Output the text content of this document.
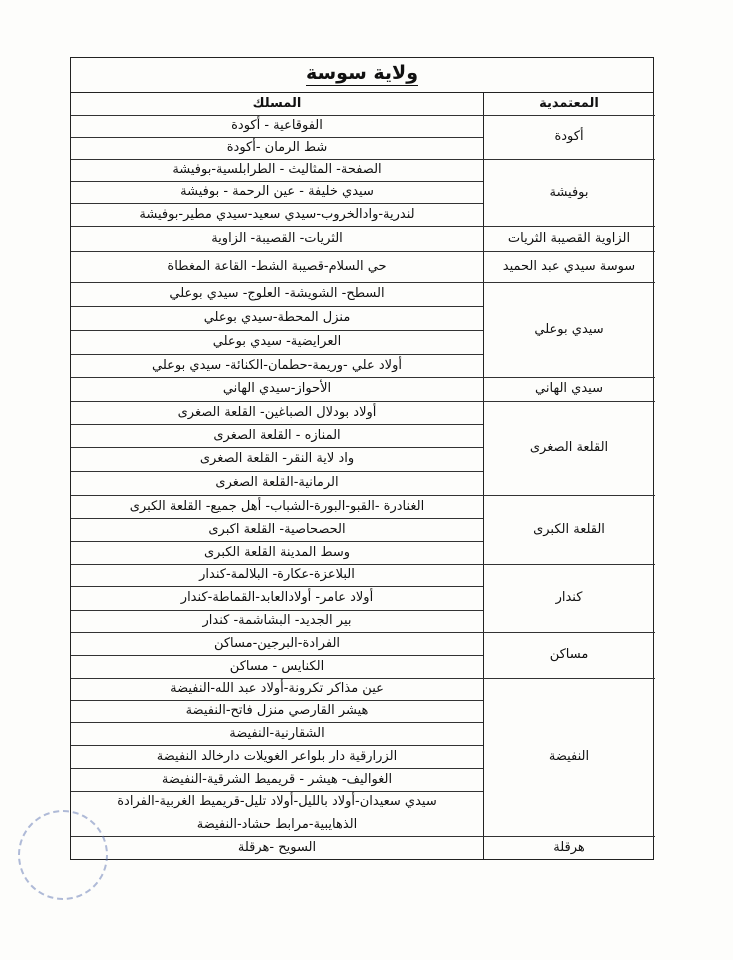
ولاية سوسة
المعتمدية
المسلك
الفوقاعية - أكودة
شط الرمان -أكودة
الصفحة- المثاليث - الطرابلسية-بوفيشة
سيدي خليفة - عين الرحمة - بوفيشة
لندرية-وادالخروب-سيدي سعيد-سيدي مطير-بوفيشة
الثريات- القصيبة- الزاوية
حي السلام-قصيبة الشط- القاعة المغطاة
السطح- الشويشة- العلوج- سيدي بوعلي
منزل المحطة-سيدي بوعلي
العرايضية- سيدي بوعلي
أولاد علي -وريمة-حطمان-الكنائة- سيدي بوعلي
الأحواز-سيدي الهاني
أولاد بودلال الصباغين- القلعة الصغرى
المنازه - القلعة الصغرى
واد لاية النقر- القلعة الصغرى
الرمانية-القلعة الصغرى
الغنادرة -القبو-البورة-الشباب- أهل جميع- القلعة الكبرى
الحصحاصية- القلعة اكبرى
وسط المدينة القلعة الكبرى
البلاعزة-عكارة- البلالمة-كندار
أولاد عامر- أولادالعابد-القماطة-كندار
بير الجديد- البشاشمة- كندار
الفرادة-البرجين-مساكن
الكنايس - مساكن
عين مذاكر تكرونة-أولاد عبد الله-النفيضة
هيشر القارصي منزل فاتح-النفيضة
الشقارنية-النفيضة
الزرارقية دار بلواعر الغويلات دارخالد النفيضة
الغواليف- هيشر - قريميط الشرقية-النفيضة
سيدي سعيدان-أولاد بالليل-أولاد تليل-قريميط الغربية-الفرادة
الذهايبية-مرابط حشاد-النفيضة
السويح -هرقلة
أكودة
بوفيشة
الزاوية القصيبة الثريات
سوسة سيدي عبد الحميد
سيدي بوعلي
سيدي الهاني
القلعة الصغرى
القلعة الكبرى
كندار
مساكن
النفيضة
هرقلة
